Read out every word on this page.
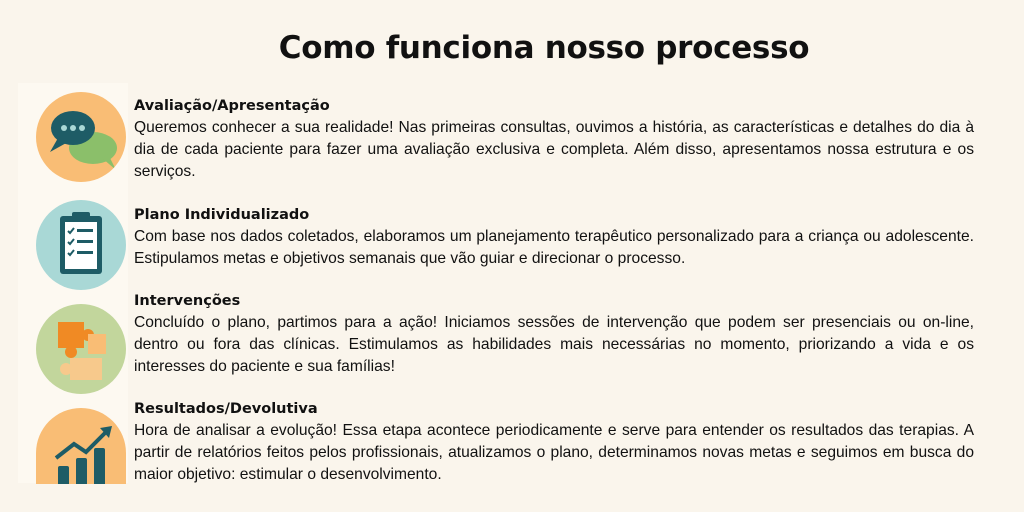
Como funciona nosso processo
Avaliação/Apresentação
Queremos conhecer a sua realidade! Nas primeiras consultas, ouvimos a história, as características e detalhes do dia à dia de cada paciente para fazer uma avaliação exclusiva e completa. Além disso, apresentamos nossa estrutura e os serviços.
Plano Individualizado
Com base nos dados coletados, elaboramos um planejamento terapêutico personalizado para a criança ou adolescente. Estipulamos metas e objetivos semanais que vão guiar e direcionar o processo.
Intervenções
Concluído o plano, partimos para a ação! Iniciamos sessões de intervenção que podem ser presenciais ou on-line, dentro ou fora das clínicas. Estimulamos as habilidades mais necessárias no momento, priorizando a vida e os interesses do paciente e sua famílias!
Resultados/Devolutiva
Hora de analisar a evolução! Essa etapa acontece periodicamente e serve para entender os resultados das terapias. A partir de relatórios feitos pelos profissionais, atualizamos o plano, determinamos novas metas e seguimos em busca do maior objetivo: estimular o desenvolvimento.
